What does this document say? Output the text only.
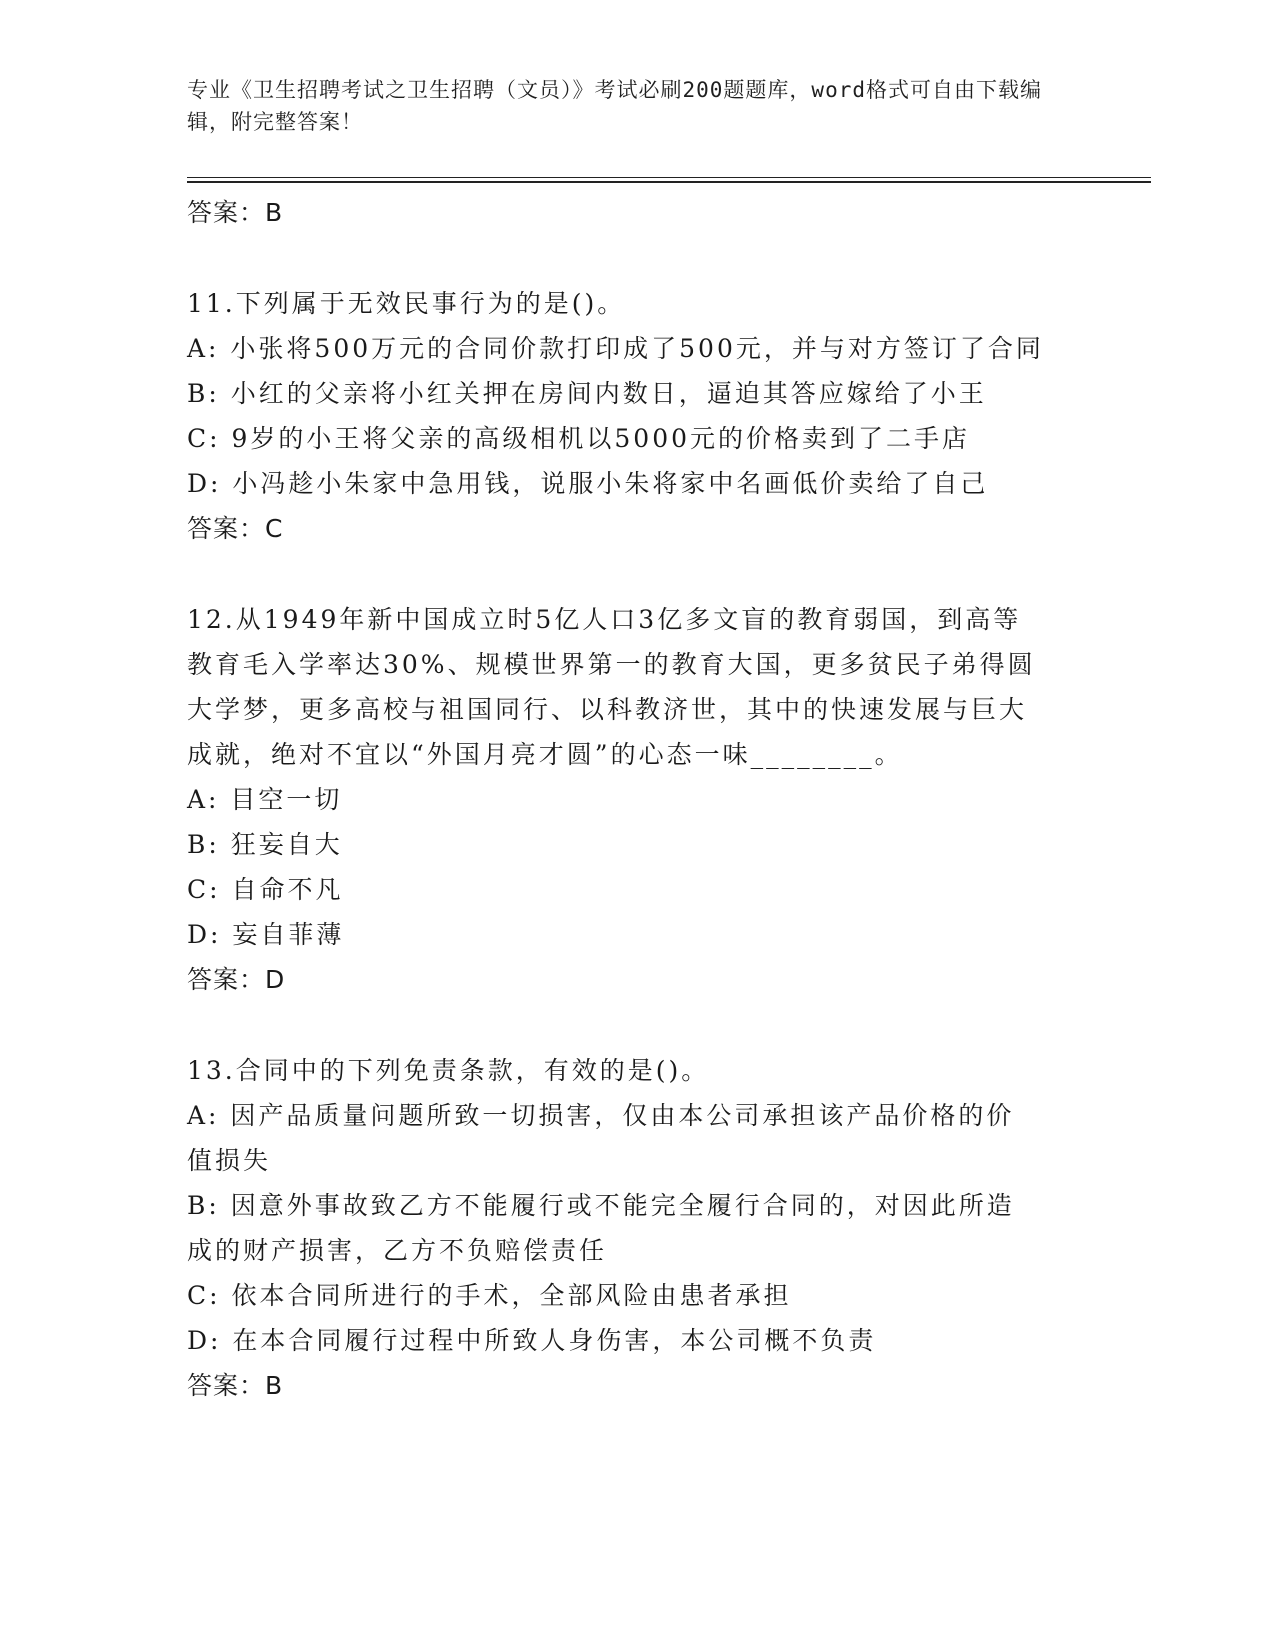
专业《卫生招聘考试之卫生招聘（文员）》考试必刷200题题库，word格式可自由下载编辑，附完整答案！
答案：B
11.下列属于无效民事行为的是()。
A: 小张将500万元的合同价款打印成了500元，并与对方签订了合同
B: 小红的父亲将小红关押在房间内数日，逼迫其答应嫁给了小王
C: 9岁的小王将父亲的高级相机以5000元的价格卖到了二手店
D: 小冯趁小朱家中急用钱，说服小朱将家中名画低价卖给了自己
答案：C
12.从1949年新中国成立时5亿人口3亿多文盲的教育弱国，到高等教育毛入学率达30%、规模世界第一的教育大国，更多贫民子弟得圆大学梦，更多高校与祖国同行、以科教济世，其中的快速发展与巨大成就，绝对不宜以“外国月亮才圆”的心态一味________。
A: 目空一切
B: 狂妄自大
C: 自命不凡
D: 妄自菲薄
答案：D
13.合同中的下列免责条款，有效的是()。
A: 因产品质量问题所致一切损害，仅由本公司承担该产品价格的价值损失
B: 因意外事故致乙方不能履行或不能完全履行合同的，对因此所造成的财产损害，乙方不负赔偿责任
C: 依本合同所进行的手术，全部风险由患者承担
D: 在本合同履行过程中所致人身伤害，本公司概不负责
答案：B
